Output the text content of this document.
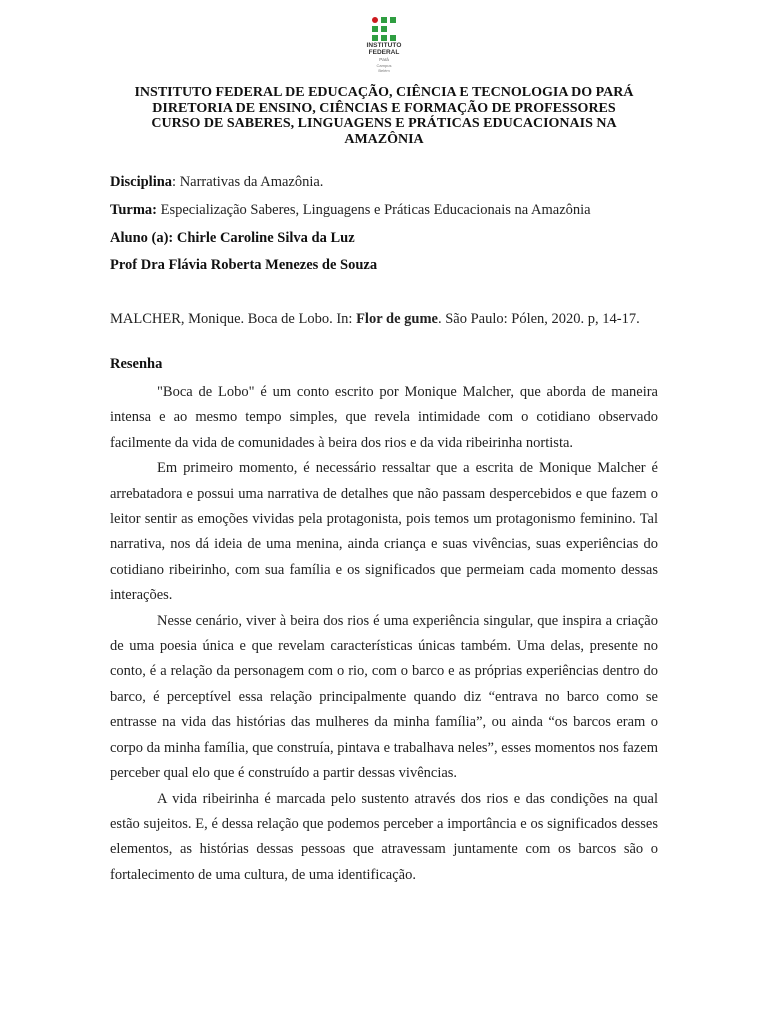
INSTITUTO
FEDERAL
Pará
Campus
Belém
INSTITUTO FEDERAL DE EDUCAÇÃO, CIÊNCIA E TECNOLOGIA DO PARÁ
DIRETORIA DE ENSINO, CIÊNCIAS E FORMAÇÃO DE PROFESSORES
CURSO DE SABERES, LINGUAGENS E PRÁTICAS EDUCACIONAIS NA
AMAZÔNIA
Disciplina: Narrativas da Amazônia.
Turma: Especialização Saberes, Linguagens e Práticas Educacionais na Amazônia
Aluno (a): Chirle Caroline Silva da Luz
Prof Dra Flávia Roberta Menezes de Souza
MALCHER, Monique. Boca de Lobo. In: Flor de gume. São Paulo: Pólen, 2020. p, 14-17.
Resenha

"Boca de Lobo" é um conto escrito por Monique Malcher, que aborda de maneira intensa e ao mesmo tempo simples, que revela intimidade com o cotidiano observado facilmente da vida de comunidades à beira dos rios e da vida ribeirinha nortista.

Em primeiro momento, é necessário ressaltar que a escrita de Monique Malcher é arrebatadora e possui uma narrativa de detalhes que não passam despercebidos e que fazem o leitor sentir as emoções vividas pela protagonista, pois temos um protagonismo feminino. Tal narrativa, nos dá ideia de uma menina, ainda criança e suas vivências, suas experiências do cotidiano ribeirinho, com sua família e os significados que permeiam cada momento dessas interações.

Nesse cenário, viver à beira dos rios é uma experiência singular, que inspira a criação de uma poesia única e que revelam características únicas também. Uma delas, presente no conto, é a relação da personagem com o rio, com o barco e as próprias experiências dentro do barco, é perceptível essa relação principalmente quando diz “entrava no barco como se entrasse na vida das histórias das mulheres da minha família”, ou ainda “os barcos eram o corpo da minha família, que construía, pintava e trabalhava neles”, esses momentos nos fazem perceber qual elo que é construído a partir dessas vivências.

A vida ribeirinha é marcada pelo sustento através dos rios e das condições na qual estão sujeitos. E, é dessa relação que podemos perceber a importância e os significados desses elementos, as histórias dessas pessoas que atravessam juntamente com os barcos são o fortalecimento de uma cultura, de uma identificação.
